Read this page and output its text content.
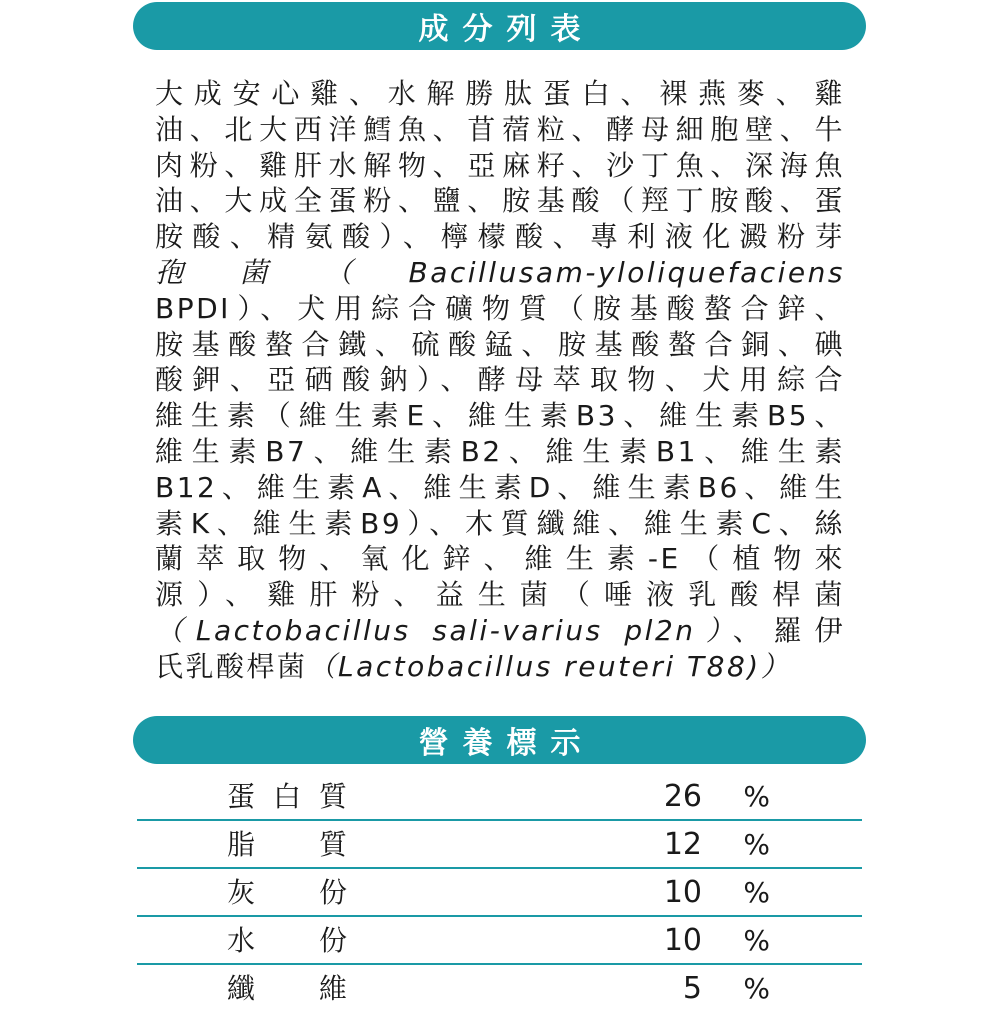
成分列表
大成安心雞、水解勝肽蛋白、裸燕麥、雞
油、北大西洋鱈魚、苜蓿粒、酵母細胞壁、牛
肉粉、雞肝水解物、亞麻籽、沙丁魚、深海魚
油、大成全蛋粉、鹽、胺基酸（羥丁胺酸、蛋
胺酸、精氨酸）、檸檬酸、專利液化澱粉芽
孢菌（Bacillusam-yloliquefaciens
BPDI）、犬用綜合礦物質（胺基酸螯合鋅、
胺基酸螯合鐵、硫酸錳、胺基酸螯合銅、碘
酸鉀、亞硒酸鈉）、酵母萃取物、犬用綜合
維生素（維生素E、維生素B3、維生素B5、
維生素B7、維生素B2、維生素B1、維生素
B12、維生素A、維生素D、維生素B6、維生
素K、維生素B9）、木質纖維、維生素C、絲
蘭萃取物、氧化鋅、維生素-E（植物來
源）、雞肝粉、益生菌（唾液乳酸桿菌
（Lactobacillus sali-varius pl2n）、羅伊
氏乳酸桿菌（Lactobacillus reuteri T88)）
營養標示
蛋白質	26 %
脂質	12 %
灰份	10 %
水份	10 %
纖維	5 %
